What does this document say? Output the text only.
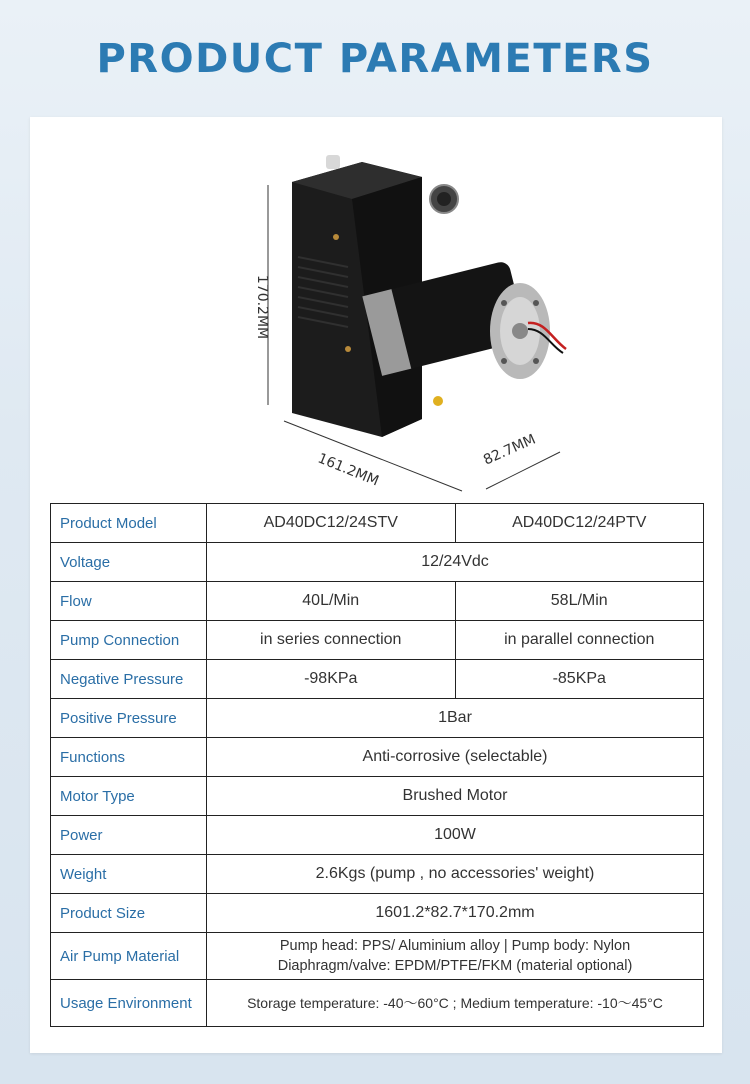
PRODUCT PARAMETERS
170.2MM
161.2MM
82.7MM
Product Model	AD40DC12/24STV	AD40DC12/24PTV
Voltage	12/24Vdc	
Flow	40L/Min	58L/Min
Pump Connection	in series connection	in parallel connection
Negative Pressure	-98KPa	-85KPa
Positive Pressure	1Bar	
Functions	Anti-corrosive (selectable)	
Motor Type	Brushed Motor	
Power	100W	
Weight	2.6Kgs (pump , no accessories' weight)	
Product Size	1601.2*82.7*170.2mm	
Air Pump Material	Pump head: PPS/ Aluminium alloy | Pump body: Nylon
Diaphragm/valve: EPDM/PTFE/FKM (material optional)	

Usage Environment	Storage temperature: -40～60°C ; Medium temperature: -10～45°C	
